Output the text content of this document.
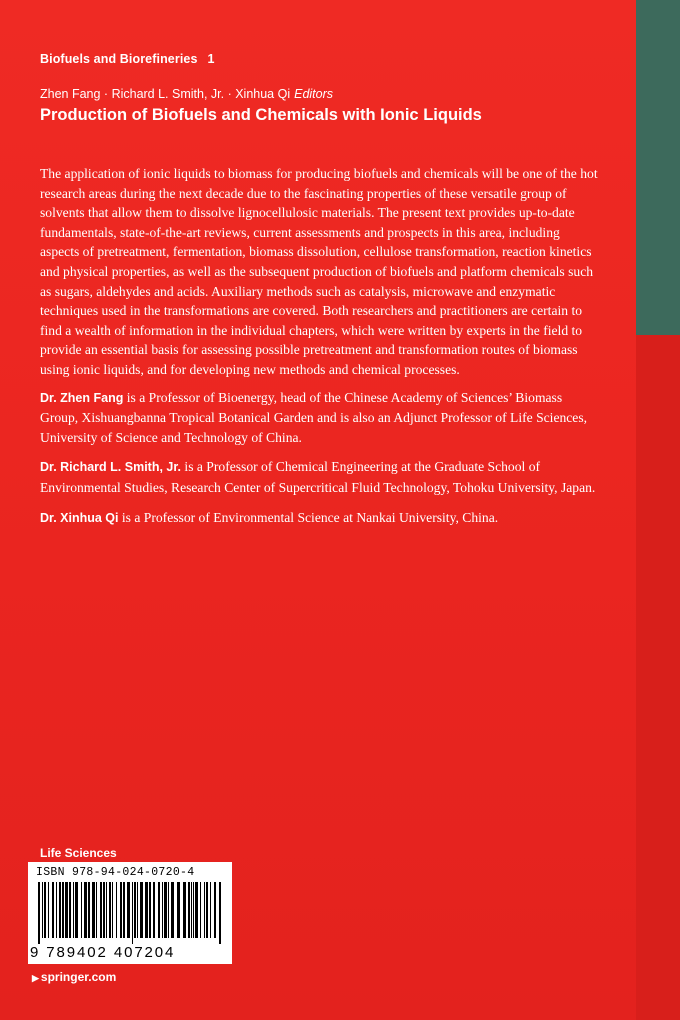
Biofuels and Biorefineries 1
Zhen Fang · Richard L. Smith, Jr. · Xinhua Qi Editors
Production of Biofuels and Chemicals with Ionic Liquids

The application of ionic liquids to biomass for producing biofuels and chemicals will be one of the hot research areas during the next decade due to the fascinating properties of these versatile group of solvents that allow them to dissolve lignocellulosic materials. The present text provides up-to-date fundamentals, state-of-the-art reviews, current assessments and prospects in this area, including aspects of pretreatment, fermentation, biomass dissolution, cellulose transformation, reaction kinetics and physical properties, as well as the subsequent production of biofuels and platform chemicals such as sugars, aldehydes and acids. Auxiliary methods such as catalysis, microwave and enzymatic techniques used in the transformations are covered. Both researchers and practitioners are certain to find a wealth of information in the individual chapters, which were written by experts in the field to provide an essential basis for assessing possible pretreatment and transformation routes of biomass using ionic liquids, and for developing new methods and chemical processes.

Dr. Zhen Fang is a Professor of Bioenergy, head of the Chinese Academy of Sciences’ Biomass Group, Xishuangbanna Tropical Botanical Garden and is also an Adjunct Professor of Life Sciences, University of Science and Technology of China.

Dr. Richard L. Smith, Jr. is a Professor of Chemical Engineering at the Graduate School of Environmental Studies, Research Center of Supercritical Fluid Technology, Tohoku University, Japan.

Dr. Xinhua Qi is a Professor of Environmental Science at Nankai University, China.

Life Sciences
ISBN 978-94-024-0720-4
9 789402 407204
▶ springer.com
